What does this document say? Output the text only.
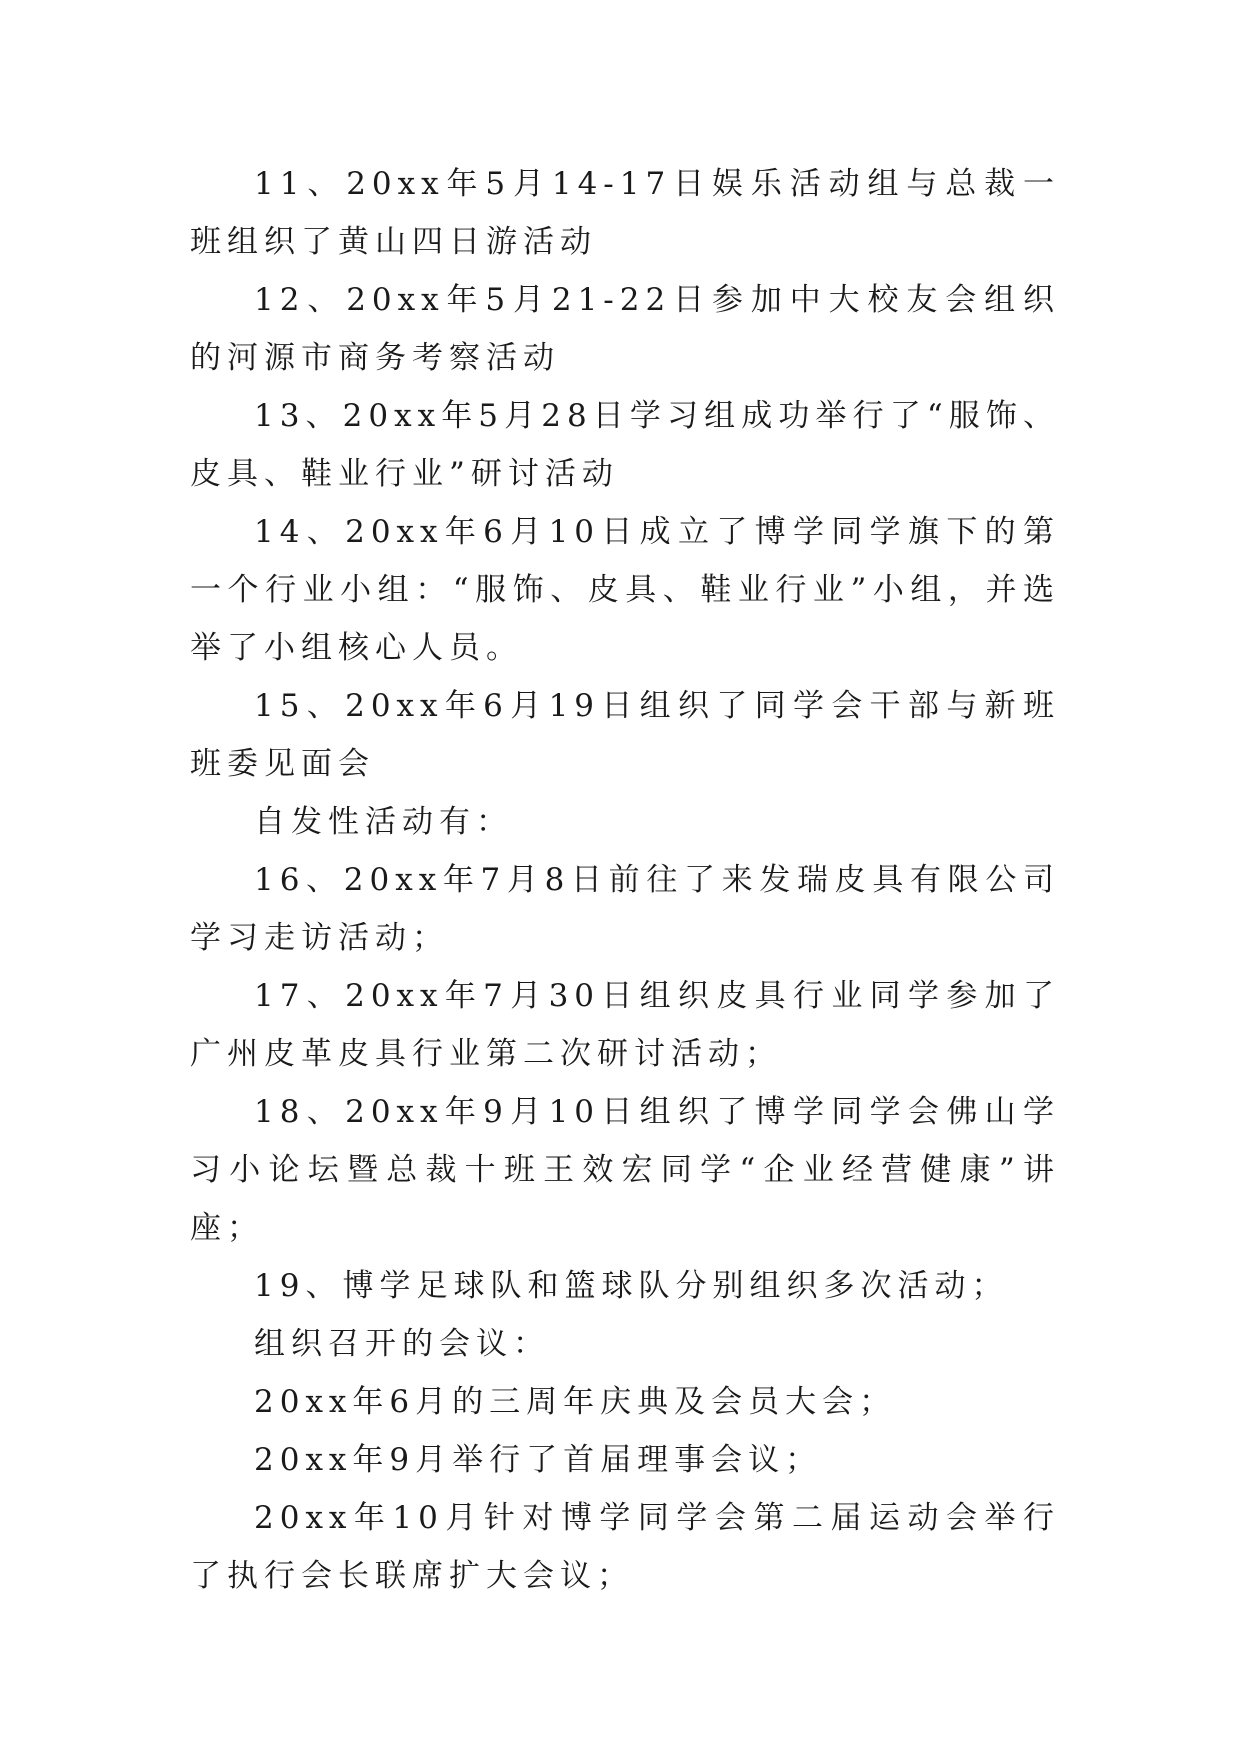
11、20xx年5月14-17日娱乐活动组与总裁一班组织了黄山四日游活动

12、20xx年5月21-22日参加中大校友会组织的河源市商务考察活动

13、20xx年5月28日学习组成功举行了“服饰、皮具、鞋业行业”研讨活动

14、20xx年6月10日成立了博学同学旗下的第一个行业小组：“服饰、皮具、鞋业行业”小组，并选举了小组核心人员。

15、20xx年6月19日组织了同学会干部与新班班委见面会

自发性活动有：

16、20xx年7月8日前往了来发瑞皮具有限公司学习走访活动；

17、20xx年7月30日组织皮具行业同学参加了广州皮革皮具行业第二次研讨活动；

18、20xx年9月10日组织了博学同学会佛山学习小论坛暨总裁十班王效宏同学“企业经营健康”讲座；

19、博学足球队和篮球队分别组织多次活动；

组织召开的会议：

20xx年6月的三周年庆典及会员大会；

20xx年9月举行了首届理事会议；

20xx年10月针对博学同学会第二届运动会举行了执行会长联席扩大会议；
